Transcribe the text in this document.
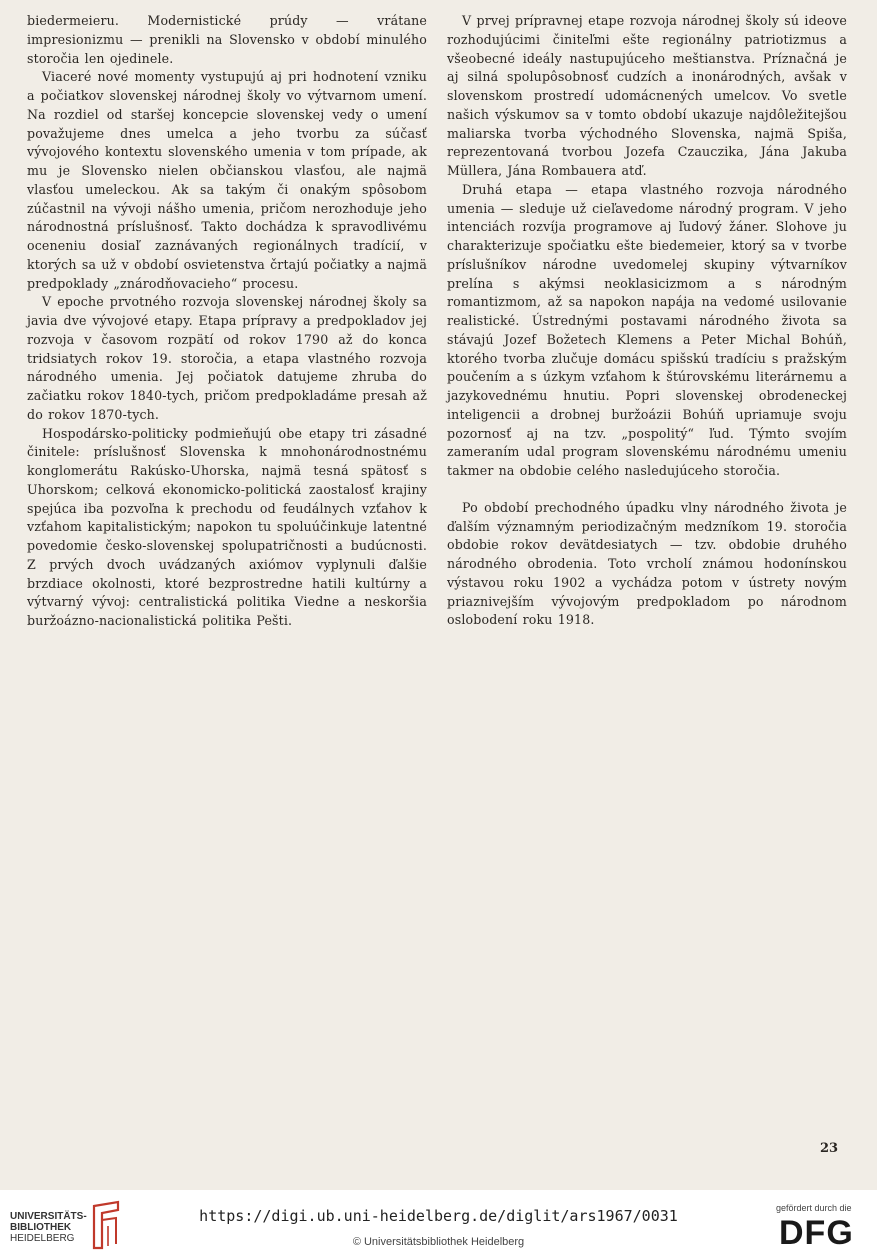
biedermeieru. Modernistické prúdy — vrátane impresionizmu — prenikli na Slovensko v období minulého storočia len ojedinele.

Viaceré nové momenty vystupujú aj pri hodnotení vzniku a počiatkov slovenskej národnej školy vo výtvarnom umení. Na rozdiel od staršej koncepcie slovenskej vedy o umení považujeme dnes umelca a jeho tvorbu za súčasť vývojového kontextu slovenského umenia v tom prípade, ak mu je Slovensko nielen občianskou vlasťou, ale najmä vlasťou umeleckou. Ak sa takým či onakým spôsobom zúčastnil na vývoji nášho umenia, pričom nerozhoduje jeho národnostná príslušnosť. Takto dochádza k spravodlivému oceneniu dosiaľ zaznávaných regionálnych tradícií, v ktorých sa už v období osvietenstva črtajú počiatky a najmä predpoklady „znárodňovacieho“ procesu.

V epoche prvotného rozvoja slovenskej národnej školy sa javia dve vývojové etapy. Etapa prípravy a predpokladov jej rozvoja v časovom rozpätí od rokov 1790 až do konca tridsiatych rokov 19. storočia, a etapa vlastného rozvoja národného umenia. Jej počiatok datujeme zhruba do začiatku rokov 1840-tych, pričom predpokladáme presah až do rokov 1870-tych.

Hospodársko-politicky podmieňujú obe etapy tri zásadné činitele: príslušnosť Slovenska k mnohonárodnostnému konglomerátu Rakúsko-Uhorska, najmä tesná spätosť s Uhorskom; celková ekonomicko-politická zaostalosť krajiny spejúca iba pozvoľna k prechodu od feudálnych vzťahov k vzťahom kapitalistickým; napokon tu spoluúčinkuje latentné povedomie česko-slovenskej spolupatričnosti a budúcnosti. Z prvých dvoch uvádzaných axiómov vyplynuli ďalšie brzdiace okolnosti, ktoré bezprostredne hatili kultúrny a výtvarný vývoj: centralistická politika Viedne a neskoršia buržoázno-nacionalistická politika Pešti.

V prvej prípravnej etape rozvoja národnej školy sú ideove rozhodujúcimi činiteľmi ešte regionálny patriotizmus a všeobecné ideály nastupujúceho meštianstva. Príznačná je aj silná spolupôsobnosť cudzích a inonárodných, avšak v slovenskom prostredí udomácnených umelcov. Vo svetle našich výskumov sa v tomto období ukazuje najdôležitejšou maliarska tvorba východného Slovenska, najmä Spiša, reprezentovaná tvorbou Jozefa Czauczika, Jána Jakuba Müllera, Jána Rombauera atď.

Druhá etapa — etapa vlastného rozvoja národného umenia — sleduje už cieľavedome národný program. V jeho intenciách rozvíja programove aj ľudový žáner. Slohove ju charakterizuje spočiatku ešte biedemeier, ktorý sa v tvorbe príslušníkov národne uvedomelej skupiny výtvarníkov prelína s akýmsi neoklasicizmom a s národným romantizmom, až sa napokon napája na vedomé usilovanie realistické. Ústrednými postavami národného života sa stávajú Jozef Božetech Klemens a Peter Michal Bohúň, ktorého tvorba zlučuje domácu spišskú tradíciu s pražským poučením a s úzkym vzťahom k štúrovskému literárnemu a jazykovednému hnutiu. Popri slovenskej obrodeneckej inteligencii a drobnej buržoázii Bohúň upriamuje svoju pozornosť aj na tzv. „pospolitý“ ľud. Týmto svojím zameraním udal program slovenskému národnému umeniu takmer na obdobie celého nasledujúceho storočia.

Po období prechodného úpadku vlny národného života je ďalším významným periodizačným medzníkom 19. storočia obdobie rokov devätdesiatych — tzv. obdobie druhého národného obrodenia. Toto vrcholí známou hodonínskou výstavou roku 1902 a vychádza potom v ústrety novým priaznivejším vývojovým predpokladom po národnom oslobodení roku 1918.

23
UNIVERSITÄTS-
BIBLIOTHEK
HEIDELBERG
https://digi.ub.uni-heidelberg.de/diglit/ars1967/0031
© Universitätsbibliothek Heidelberg
gefördert durch die
DFG
